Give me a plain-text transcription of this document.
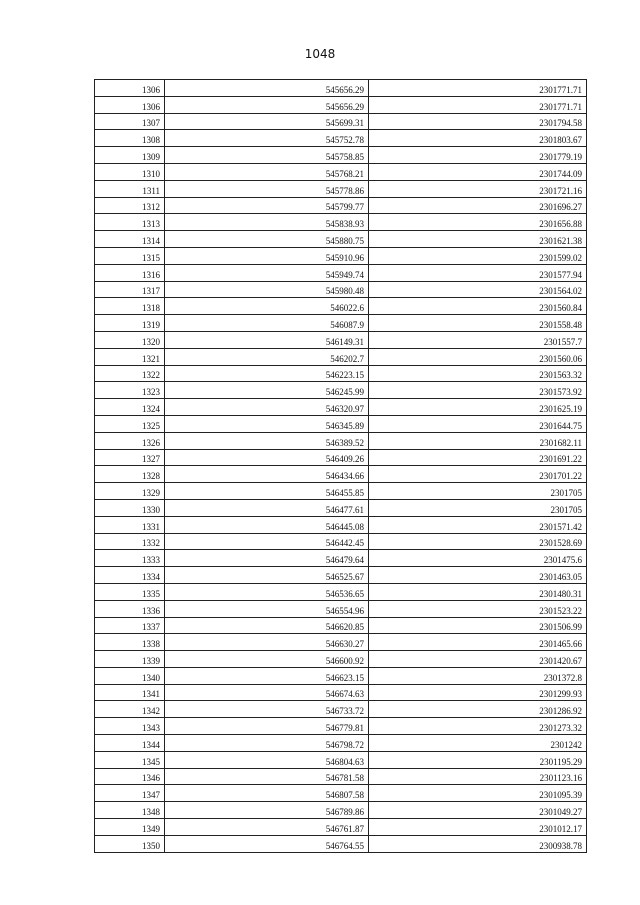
1048
1306	545656.29	2301771.71
1306	545656.29	2301771.71
1307	545699.31	2301794.58
1308	545752.78	2301803.67
1309	545758.85	2301779.19
1310	545768.21	2301744.09
1311	545778.86	2301721.16
1312	545799.77	2301696.27
1313	545838.93	2301656.88
1314	545880.75	2301621.38
1315	545910.96	2301599.02
1316	545949.74	2301577.94
1317	545980.48	2301564.02
1318	546022.6	2301560.84
1319	546087.9	2301558.48
1320	546149.31	2301557.7
1321	546202.7	2301560.06
1322	546223.15	2301563.32
1323	546245.99	2301573.92
1324	546320.97	2301625.19
1325	546345.89	2301644.75
1326	546389.52	2301682.11
1327	546409.26	2301691.22
1328	546434.66	2301701.22
1329	546455.85	2301705
1330	546477.61	2301705
1331	546445.08	2301571.42
1332	546442.45	2301528.69
1333	546479.64	2301475.6
1334	546525.67	2301463.05
1335	546536.65	2301480.31
1336	546554.96	2301523.22
1337	546620.85	2301506.99
1338	546630.27	2301465.66
1339	546600.92	2301420.67
1340	546623.15	2301372.8
1341	546674.63	2301299.93
1342	546733.72	2301286.92
1343	546779.81	2301273.32
1344	546798.72	2301242
1345	546804.63	2301195.29
1346	546781.58	2301123.16
1347	546807.58	2301095.39
1348	546789.86	2301049.27
1349	546761.87	2301012.17
1350	546764.55	2300938.78
